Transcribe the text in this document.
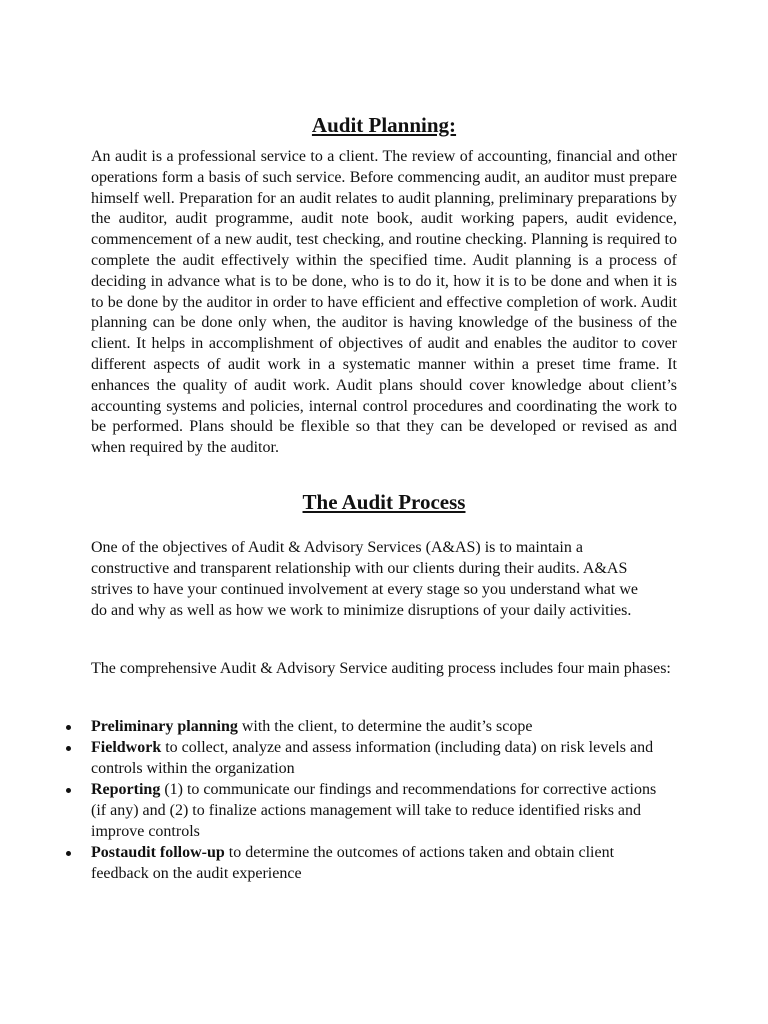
Audit Planning:

An audit is a professional service to a client. The review of accounting, financial and other operations form a basis of such service. Before commencing audit, an auditor must prepare himself well. Preparation for an audit relates to audit planning, preliminary preparations by the auditor, audit programme, audit note book, audit working papers, audit evidence, commencement of a new audit, test checking, and routine checking. Planning is required to complete the audit effectively within the specified time. Audit planning is a process of deciding in advance what is to be done, who is to do it, how it is to be done and when it is to be done by the auditor in order to have efficient and effective completion of work. Audit planning can be done only when, the auditor is having knowledge of the business of the client. It helps in accomplishment of objectives of audit and enables the auditor to cover different aspects of audit work in a systematic manner within a preset time frame. It enhances the quality of audit work. Audit plans should cover knowledge about client’s accounting systems and policies, internal control procedures and coordinating the work to be performed. Plans should be flexible so that they can be developed or revised as and when required by the auditor.

The Audit Process

One of the objectives of Audit & Advisory Services (A&AS) is to maintain a constructive and transparent relationship with our clients during their audits. A&AS strives to have your continued involvement at every stage so you understand what we do and why as well as how we work to minimize disruptions of your daily activities.

The comprehensive Audit & Advisory Service auditing process includes four main phases:

Preliminary planning with the client, to determine the audit’s scope
Fieldwork to collect, analyze and assess information (including data) on risk levels and controls within the organization
Reporting (1) to communicate our findings and recommendations for corrective actions (if any) and (2) to finalize actions management will take to reduce identified risks and improve controls
Postaudit follow-up to determine the outcomes of actions taken and obtain client feedback on the audit experience
